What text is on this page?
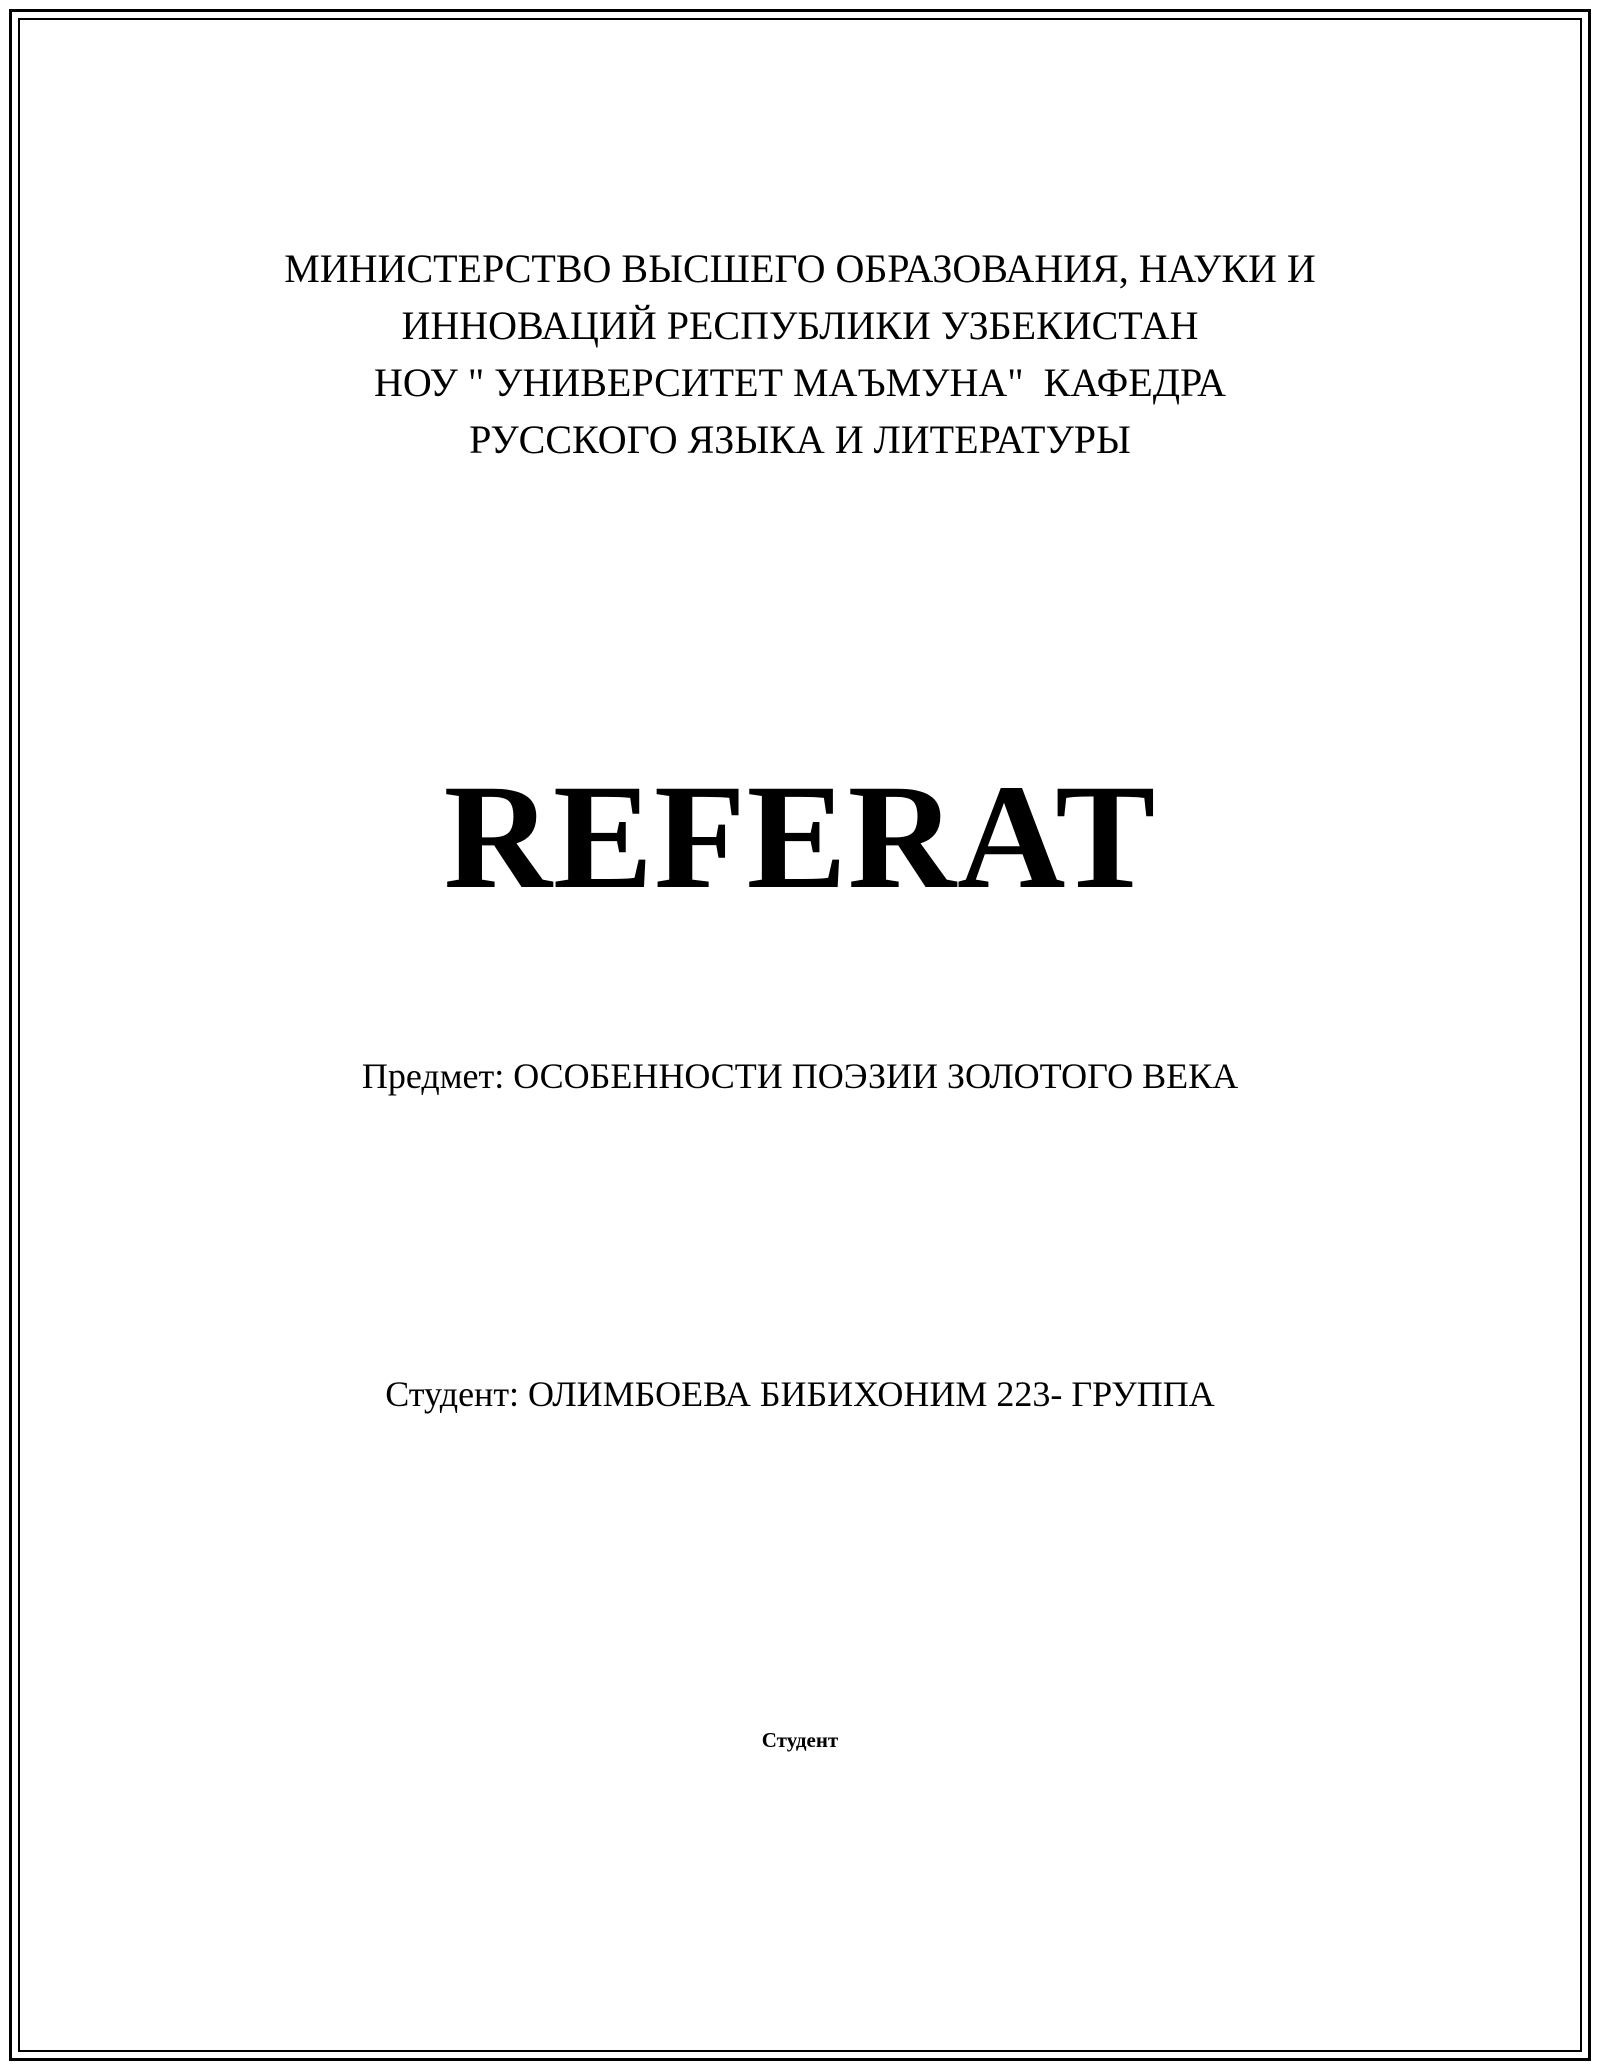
МИНИСТЕРСТВО ВЫСШЕГО ОБРАЗОВАНИЯ, НАУКИ И
ИННОВАЦИЙ РЕСПУБЛИКИ УЗБЕКИСТАН
НОУ " УНИВЕРСИТЕТ МАЪМУНА"  КАФЕДРА
РУССКОГО ЯЗЫКА И ЛИТЕРАТУРЫ
REFERAT
Предмет: ОСОБЕННОСТИ ПОЭЗИИ ЗОЛОТОГО ВЕКА
Студент: ОЛИМБОЕВА БИБИХОНИМ 223- ГРУППА
Студент
